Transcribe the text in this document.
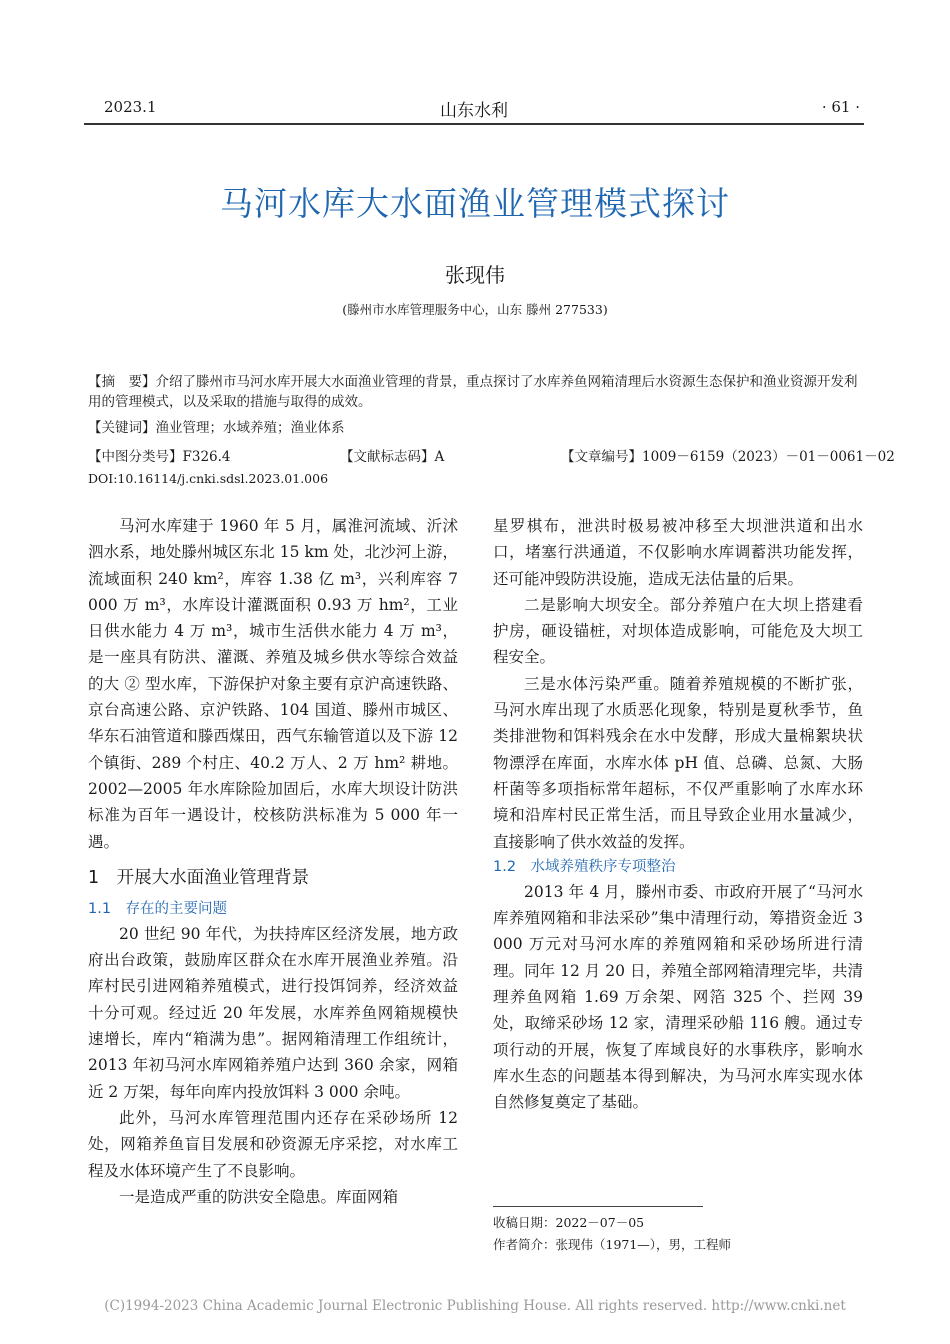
2023.1	山东水利	· 61 ·
马河水库大水面渔业管理模式探讨
张现伟
(滕州市水库管理服务中心，山东 滕州 277533)
【摘　要】介绍了滕州市马河水库开展大水面渔业管理的背景，重点探讨了水库养鱼网箱清理后水资源生态保护和渔业资源开发利用的管理模式，以及采取的措施与取得的成效。
【关键词】渔业管理；水域养殖；渔业体系
【中图分类号】F326.4	【文献标志码】A	【文章编号】1009－6159（2023）－01－0061－02
DOI:10.16114/j.cnki.sdsl.2023.01.006

马河水库建于 1960 年 5 月，属淮河流域、沂沭泗水系，地处滕州城区东北 15 km 处，北沙河上游，流域面积 240 km²，库容 1.38 亿 m³，兴利库容 7 000 万 m³，水库设计灌溉面积 0.93 万 hm²，工业日供水能力 4 万 m³，城市生活供水能力 4 万 m³，是一座具有防洪、灌溉、养殖及城乡供水等综合效益的大 ② 型水库，下游保护对象主要有京沪高速铁路、京台高速公路、京沪铁路、104 国道、滕州市城区、华东石油管道和滕西煤田，西气东输管道以及下游 12 个镇街、289 个村庄、40.2 万人、2 万 hm² 耕地。2002—2005 年水库除险加固后，水库大坝设计防洪标准为百年一遇设计，校核防洪标准为 5 000 年一遇。

1　开展大水面渔业管理背景
1.1　存在的主要问题

20 世纪 90 年代，为扶持库区经济发展，地方政府出台政策，鼓励库区群众在水库开展渔业养殖。沿库村民引进网箱养殖模式，进行投饵饲养，经济效益十分可观。经过近 20 年发展，水库养鱼网箱规模快速增长，库内“箱满为患”。据网箱清理工作组统计，2013 年初马河水库网箱养殖户达到 360 余家，网箱近 2 万架，每年向库内投放饵料 3 000 余吨。

此外，马河水库管理范围内还存在采砂场所 12 处，网箱养鱼盲目发展和砂资源无序采挖，对水库工程及水体环境产生了不良影响。

一是造成严重的防洪安全隐患。库面网箱

星罗棋布，泄洪时极易被冲移至大坝泄洪道和出水口，堵塞行洪通道，不仅影响水库调蓄洪功能发挥，还可能冲毁防洪设施，造成无法估量的后果。

二是影响大坝安全。部分养殖户在大坝上搭建看护房，砸设锚桩，对坝体造成影响，可能危及大坝工程安全。

三是水体污染严重。随着养殖规模的不断扩张，马河水库出现了水质恶化现象，特别是夏秋季节，鱼类排泄物和饵料残余在水中发酵，形成大量棉絮块状物漂浮在库面，水库水体 pH 值、总磷、总氮、大肠杆菌等多项指标常年超标，不仅严重影响了水库水环境和沿库村民正常生活，而且导致企业用水量减少，直接影响了供水效益的发挥。

1.2　水域养殖秩序专项整治

2013 年 4 月，滕州市委、市政府开展了“马河水库养殖网箱和非法采砂”集中清理行动，筹措资金近 3 000 万元对马河水库的养殖网箱和采砂场所进行清理。同年 12 月 20 日，养殖全部网箱清理完毕，共清理养鱼网箱 1.69 万余架、网箔 325 个、拦网 39 处，取缔采砂场 12 家，清理采砂船 116 艘。通过专项行动的开展，恢复了库域良好的水事秩序，影响水库水生态的问题基本得到解决，为马河水库实现水体自然修复奠定了基础。

收稿日期：2022－07－05
作者简介：张现伟（1971—），男，工程师
(C)1994-2023 China Academic Journal Electronic Publishing House. All rights reserved. http://www.cnki.net
